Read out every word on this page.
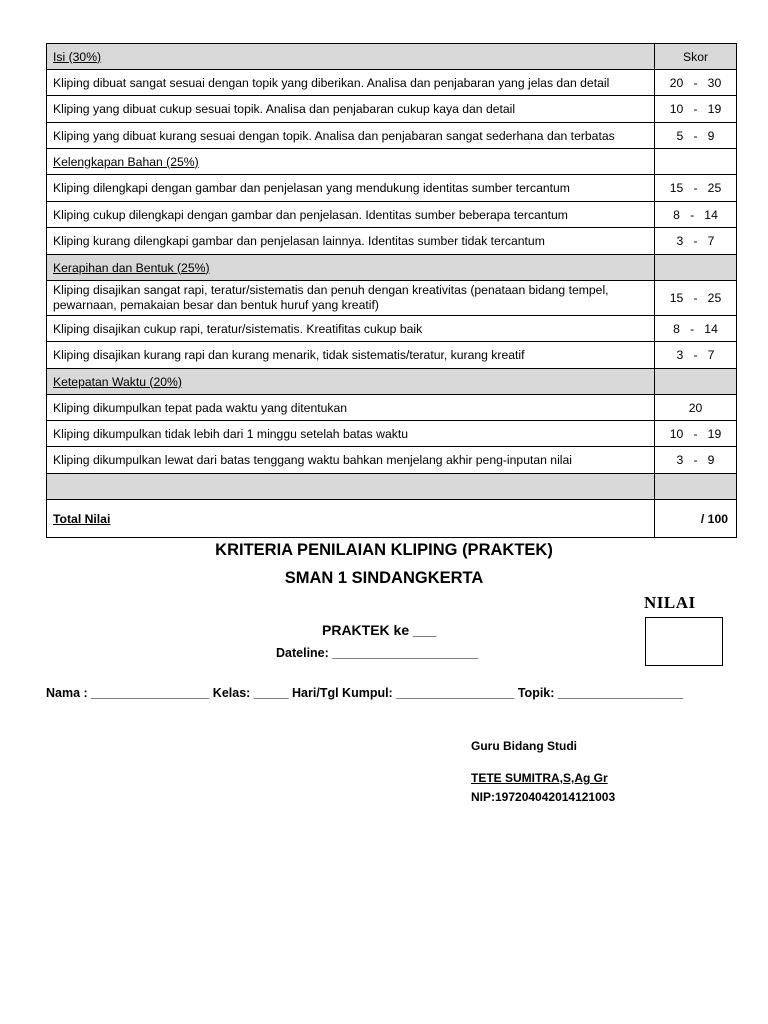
Isi (30%)	Skor
Kliping dibuat sangat sesuai dengan topik yang diberikan. Analisa dan penjabaran yang jelas dan detail	20   -   30
Kliping yang dibuat cukup sesuai topik. Analisa dan penjabaran cukup kaya dan detail	10   -   19
Kliping yang dibuat kurang sesuai dengan topik. Analisa dan penjabaran sangat sederhana dan terbatas	5   -   9
Kelengkapan Bahan (25%)	
Kliping dilengkapi dengan gambar dan penjelasan yang mendukung identitas sumber tercantum	15   -   25
Kliping cukup dilengkapi dengan gambar dan penjelasan. Identitas sumber beberapa tercantum	8   -   14
Kliping kurang dilengkapi gambar dan penjelasan lainnya. Identitas sumber tidak tercantum	3   -   7
Kerapihan dan Bentuk (25%)	
Kliping disajikan sangat rapi, teratur/sistematis dan penuh dengan kreativitas (penataan bidang tempel, pewarnaan, pemakaian besar dan bentuk huruf yang kreatif)	15   -   25
Kliping disajikan cukup rapi, teratur/sistematis. Kreatifitas cukup baik	8   -   14
Kliping disajikan kurang rapi dan kurang menarik, tidak sistematis/teratur, kurang kreatif	3   -   7
Ketepatan Waktu (20%)	
Kliping dikumpulkan tepat pada waktu yang ditentukan	20
Kliping dikumpulkan tidak lebih dari 1 minggu setelah batas waktu	10   -   19
Kliping dikumpulkan lewat dari batas tenggang waktu bahkan menjelang akhir peng-inputan nilai	3   -   9

Total Nilai	/ 100
KRITERIA PENILAIAN KLIPING (PRAKTEK)
SMAN 1 SINDANGKERTA
NILAI
PRAKTEK ke ___
Dateline: _____________________
Nama : _________________ Kelas: _____ Hari/Tgl Kumpul: _________________ Topik: __________________
Guru Bidang Studi
TETE SUMITRA,S,Ag Gr
NIP:197204042014121003
